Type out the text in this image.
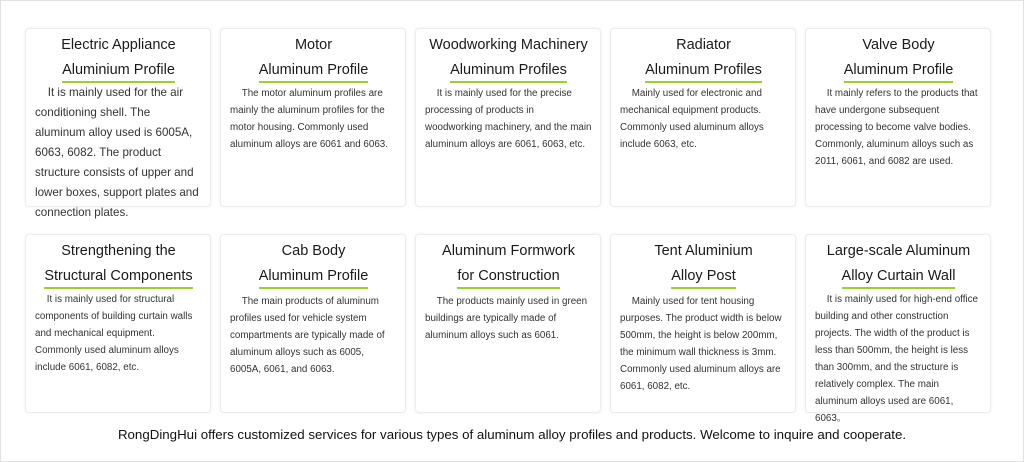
Electric Appliance
Aluminium Profile

It is mainly used for the air conditioning shell. The aluminum alloy used is 6005A, 6063, 6082. The product structure consists of upper and lower boxes, support plates and connection plates.

Motor
Aluminum Profile

The motor aluminum profiles are mainly the aluminum profiles for the motor housing. Commonly used aluminum alloys are 6061 and 6063.

Woodworking Machinery
Aluminum Profiles

It is mainly used for the precise processing of products in woodworking machinery, and the main aluminum alloys are 6061, 6063, etc.

Radiator
Aluminum Profiles

Mainly used for electronic and mechanical equipment products. Commonly used aluminum alloys include 6063, etc.

Valve Body
Aluminum Profile

It mainly refers to the products that have undergone subsequent processing to become valve bodies. Commonly, aluminum alloys such as 2011, 6061, and 6082 are used.

Strengthening the
Structural Components

It is mainly used for structural components of building curtain walls and mechanical equipment. Commonly used aluminum alloys include 6061, 6082, etc.

Cab Body
Aluminum Profile

The main products of aluminum profiles used for vehicle system compartments are typically made of aluminum alloys such as 6005, 6005A, 6061, and 6063.

Aluminum Formwork
for Construction

The products mainly used in green buildings are typically made of aluminum alloys such as 6061.

Tent Aluminium
Alloy Post

Mainly used for tent housing purposes. The product width is below 500mm, the height is below 200mm, the minimum wall thickness is 3mm. Commonly used aluminum alloys are 6061, 6082, etc.

Large-scale Aluminum
Alloy Curtain Wall

It is mainly used for high-end office building and other construction projects. The width of the product is less than 500mm, the height is less than 300mm, and the structure is relatively complex. The main aluminum alloys used are 6061, 6063。

RongDingHui offers customized services for various types of aluminum alloy profiles and products. Welcome to inquire and cooperate.
